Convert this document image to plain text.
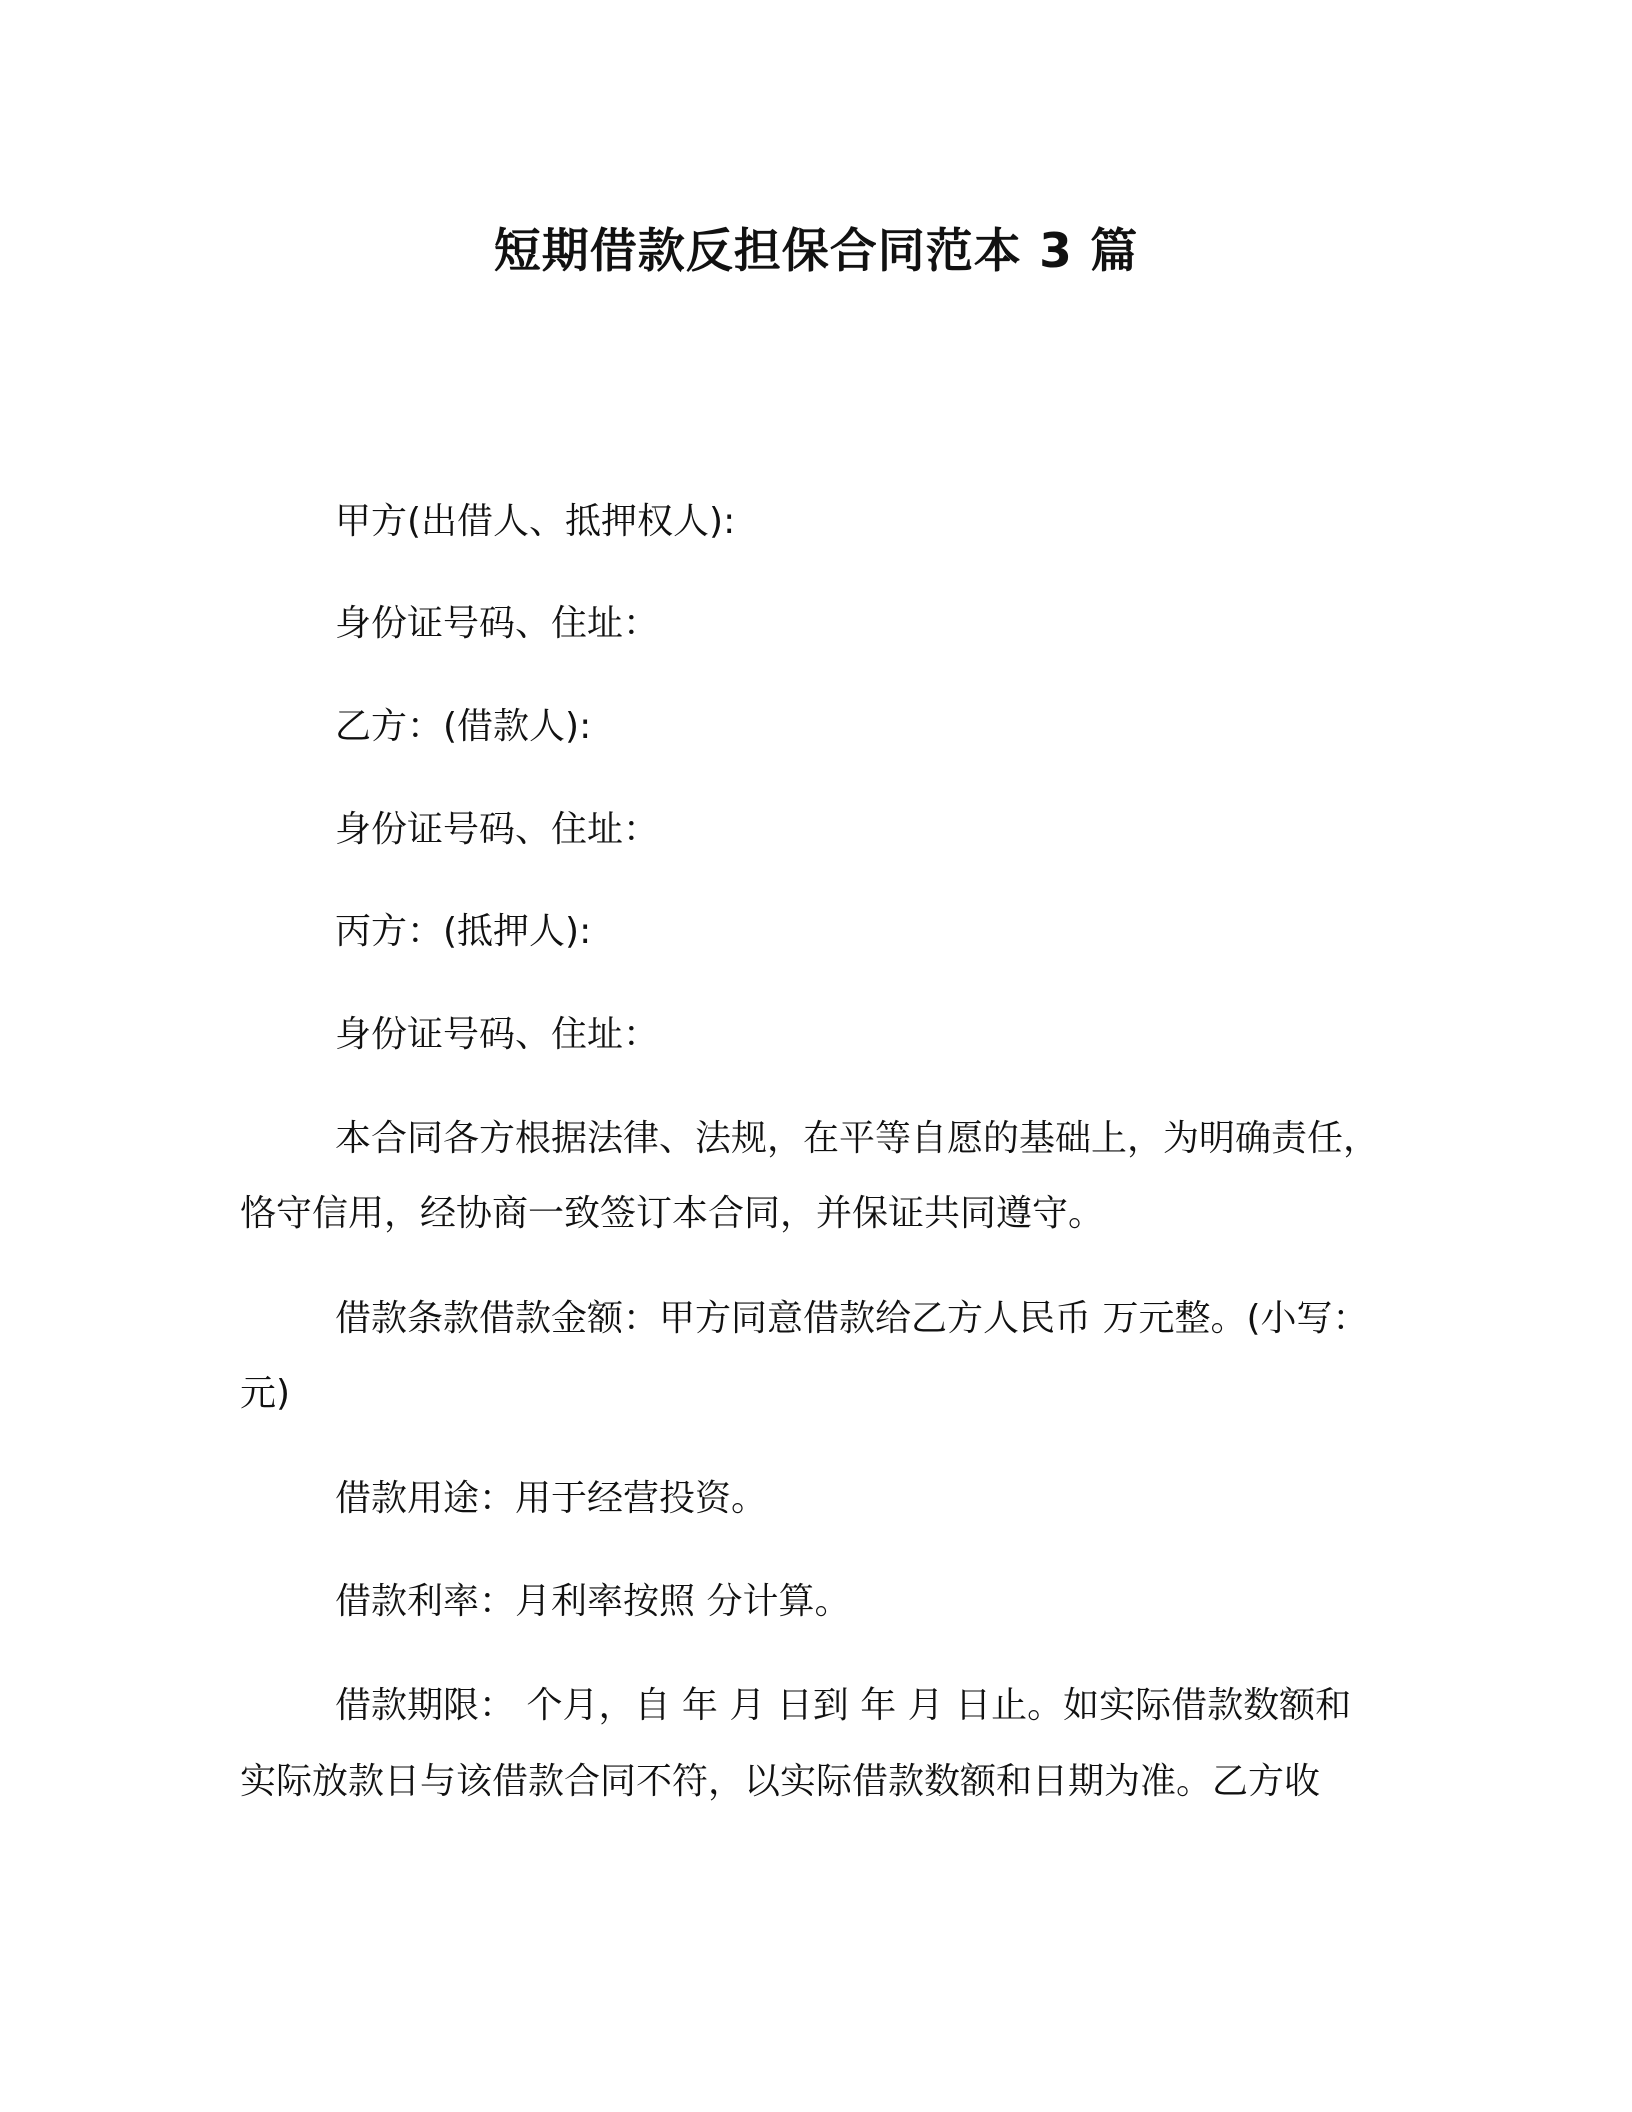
短期借款反担保合同范本 3 篇
甲方(出借人、抵押权人):
身份证号码、住址：
乙方：(借款人):
身份证号码、住址：
丙方：(抵押人):
身份证号码、住址：
本合同各方根据法律、法规，在平等自愿的基础上，为明确责任，
恪守信用，经协商一致签订本合同，并保证共同遵守。
借款条款借款金额：甲方同意借款给乙方人民币 万元整。(小写：
元)
借款用途：用于经营投资。
借款利率：月利率按照 分计算。
借款期限： 个月，自 年 月 日到 年 月 日止。如实际借款数额和
实际放款日与该借款合同不符，以实际借款数额和日期为准。乙方收
